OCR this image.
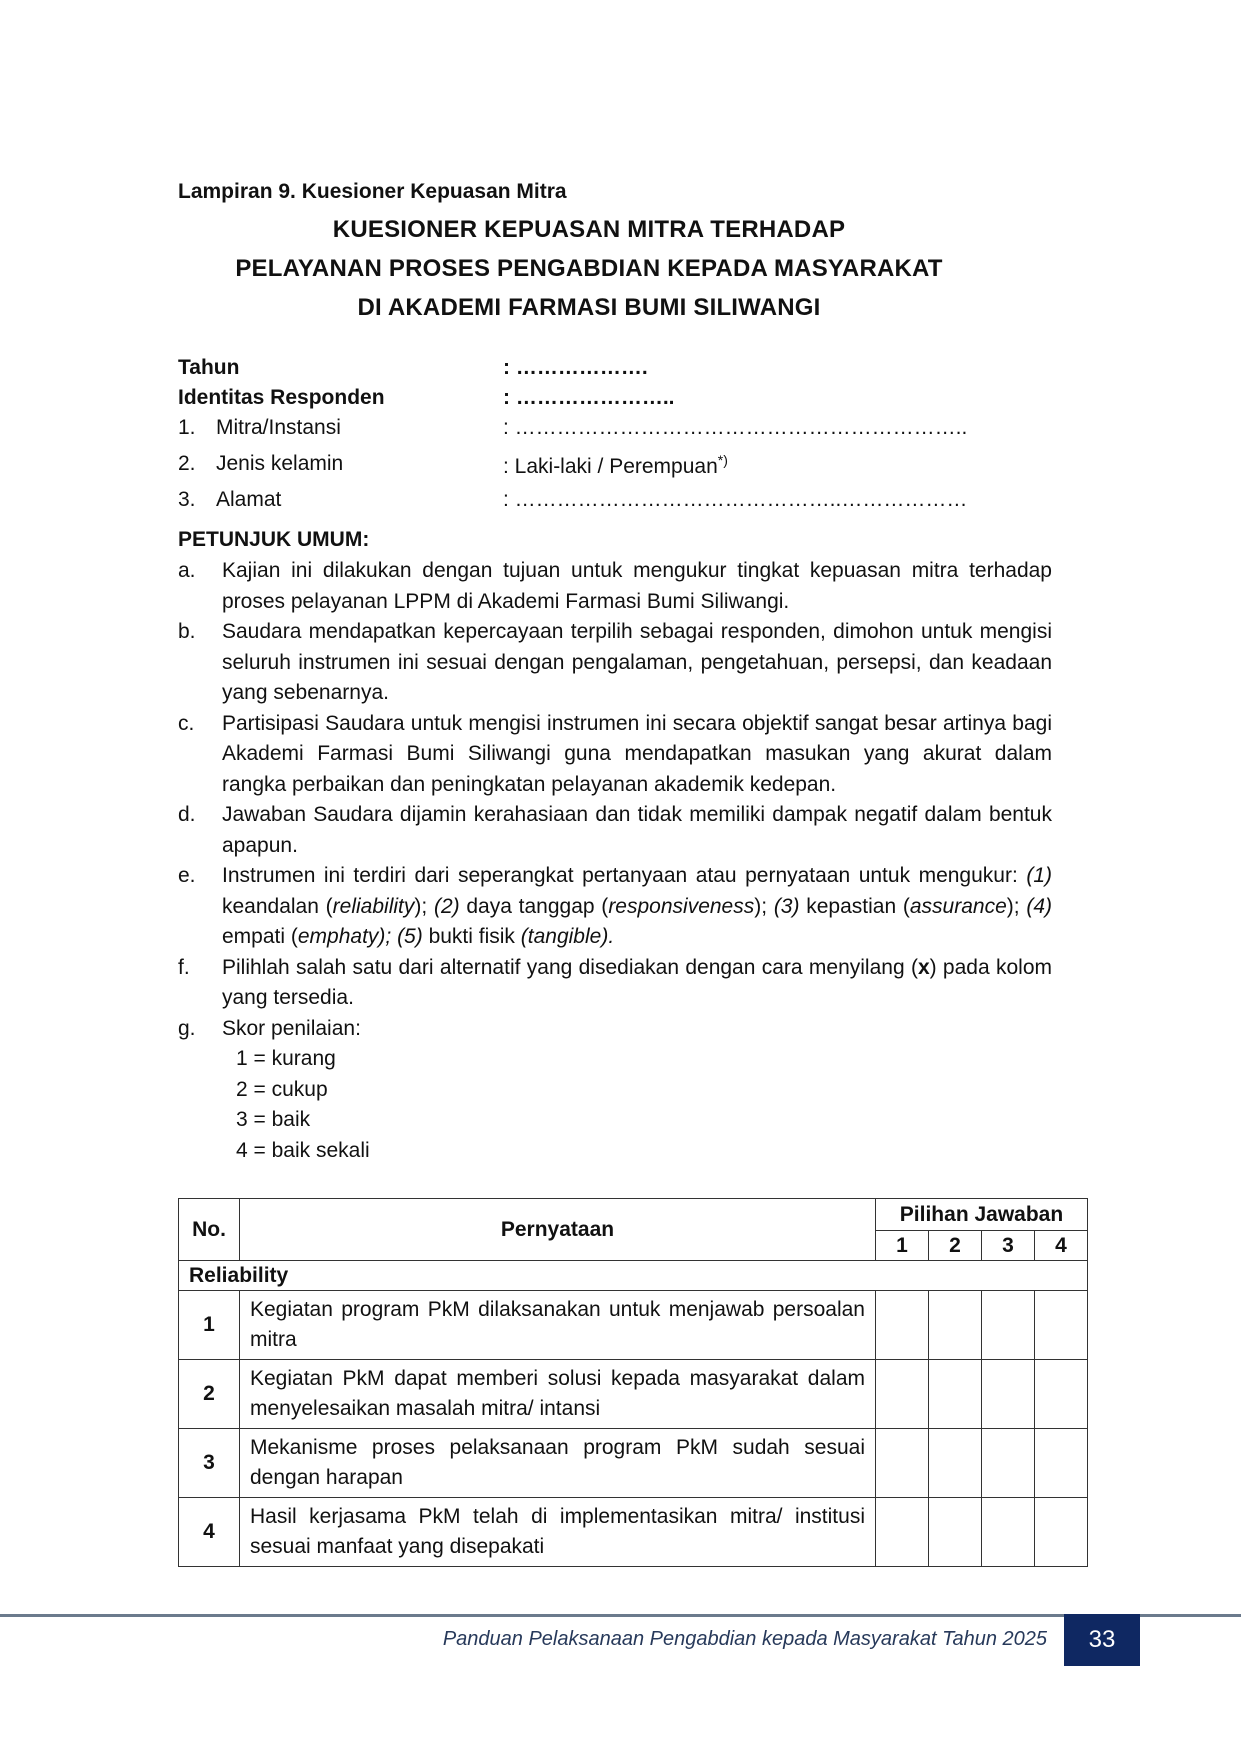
Lampiran 9. Kuesioner Kepuasan Mitra
KUESIONER KEPUASAN MITRA TERHADAP
PELAYANAN PROSES PENGABDIAN KEPADA MASYARAKAT
DI AKADEMI FARMASI BUMI SILIWANGI
Tahun	: ……………….
Identitas Responden	: …………………..
1. Mitra/Instansi	: ………………………………………………………..
2. Jenis kelamin	: Laki-laki / Perempuan*)
3. Alamat	: ………………………………………..………………
PETUNJUK UMUM:
a. Kajian ini dilakukan dengan tujuan untuk mengukur tingkat kepuasan mitra terhadap proses pelayanan LPPM di Akademi Farmasi Bumi Siliwangi.
b. Saudara mendapatkan kepercayaan terpilih sebagai responden, dimohon untuk mengisi seluruh instrumen ini sesuai dengan pengalaman, pengetahuan, persepsi, dan keadaan yang sebenarnya.
c. Partisipasi Saudara untuk mengisi instrumen ini secara objektif sangat besar artinya bagi Akademi Farmasi Bumi Siliwangi guna mendapatkan masukan yang akurat dalam rangka perbaikan dan peningkatan pelayanan akademik kedepan.
d. Jawaban Saudara dijamin kerahasiaan dan tidak memiliki dampak negatif dalam bentuk apapun.
e. Instrumen ini terdiri dari seperangkat pertanyaan atau pernyataan untuk mengukur: (1) keandalan (reliability); (2) daya tanggap (responsiveness); (3) kepastian (assurance); (4) empati (emphaty); (5) bukti fisik (tangible).
f. Pilihlah salah satu dari alternatif yang disediakan dengan cara menyilang (x) pada kolom yang tersedia.
g. Skor penilaian:
1 = kurang
2 = cukup
3 = baik
4 = baik sekali
No.	Pernyataan	Pilihan Jawaban			
		1	2	3	4
Reliability					
1	Kegiatan program PkM dilaksanakan untuk menjawab persoalan mitra				
2	Kegiatan PkM dapat memberi solusi kepada masyarakat dalam menyelesaikan masalah mitra/ intansi				
3	Mekanisme proses pelaksanaan program PkM sudah sesuai dengan harapan				
4	Hasil kerjasama PkM telah di implementasikan mitra/ institusi sesuai manfaat yang disepakati				
Panduan Pelaksanaan Pengabdian kepada Masyarakat Tahun 2025	33
